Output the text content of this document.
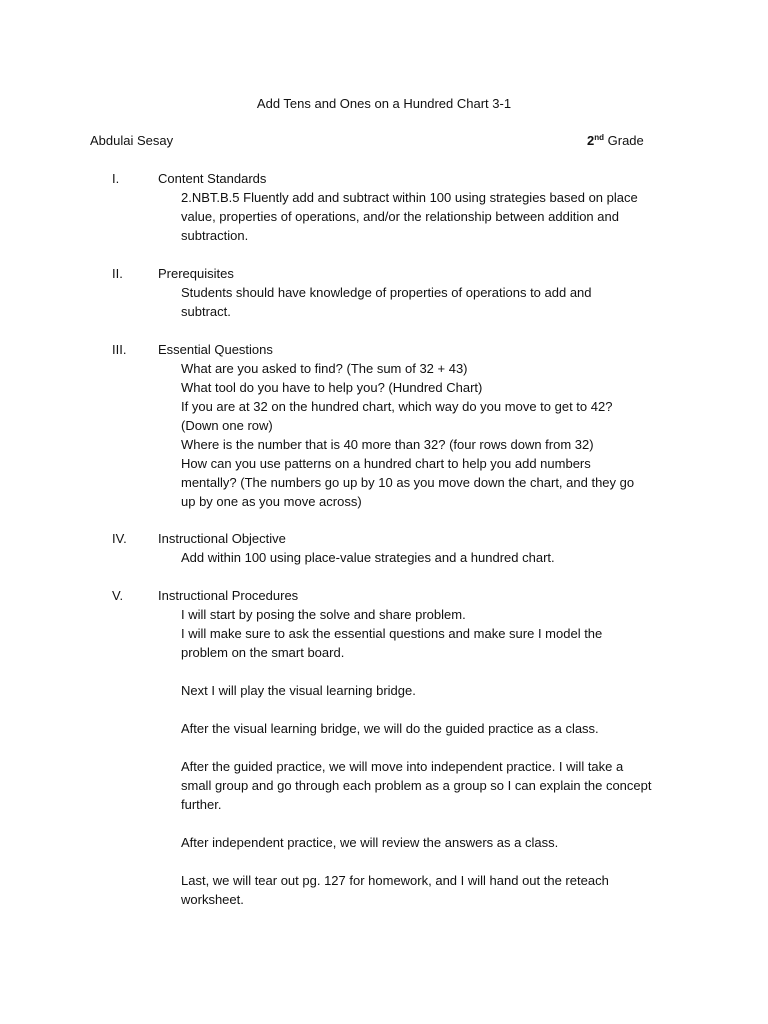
Add Tens and Ones on a Hundred Chart 3-1
Abdulai Sesay	2nd Grade
I.	Content Standards
2.NBT.B.5 Fluently add and subtract within 100 using strategies based on place
value, properties of operations, and/or the relationship between addition and
subtraction.
II.	Prerequisites
Students should have knowledge of properties of operations to add and
subtract.
III. Essential Questions
What are you asked to find? (The sum of 32 + 43)
What tool do you have to help you? (Hundred Chart)
If you are at 32 on the hundred chart, which way do you move to get to 42?
(Down one row)
Where is the number that is 40 more than 32? (four rows down from 32)
How can you use patterns on a hundred chart to help you add numbers
mentally? (The numbers go up by 10 as you move down the chart, and they go
up by one as you move across)
IV. Instructional Objective
Add within 100 using place-value strategies and a hundred chart.
V.	Instructional Procedures
I will start by posing the solve and share problem.
I will make sure to ask the essential questions and make sure I model the
problem on the smart board.
Next I will play the visual learning bridge.
After the visual learning bridge, we will do the guided practice as a class.
After the guided practice, we will move into independent practice. I will take a
small group and go through each problem as a group so I can explain the concept
further.
After independent practice, we will review the answers as a class.
Last, we will tear out pg. 127 for homework, and I will hand out the reteach
worksheet.
